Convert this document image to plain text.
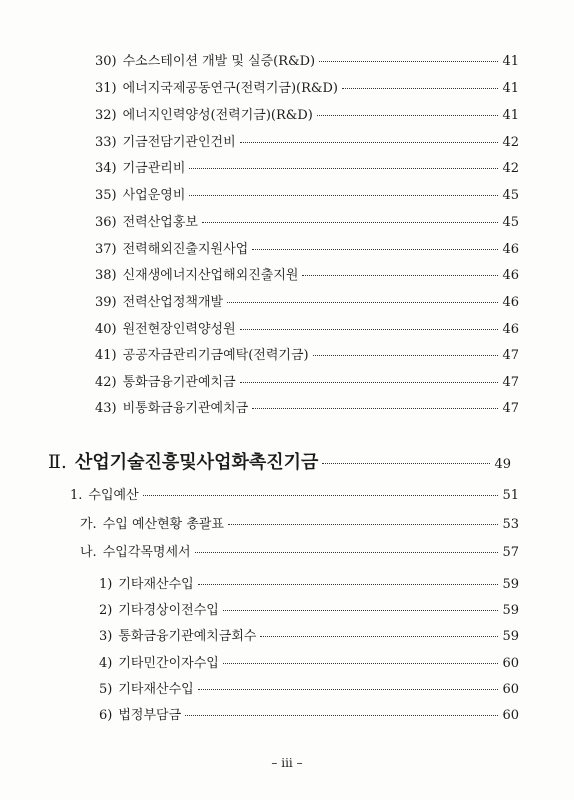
30) 수소스테이션 개발 및 실증(R&D)	41
31) 에너지국제공동연구(전력기금)(R&D)	41
32) 에너지인력양성(전력기금)(R&D)	41
33) 기금전담기관인건비	42
34) 기금관리비	42
35) 사업운영비	45
36) 전력산업홍보	45
37) 전력해외진출지원사업	46
38) 신재생에너지산업해외진출지원	46
39) 전력산업정책개발	46
40) 원전현장인력양성원	46
41) 공공자금관리기금예탁(전력기금)	47
42) 통화금융기관예치금	47
43) 비통화금융기관예치금	47
Ⅱ. 산업기술진흥및사업화촉진기금	49
1. 수입예산	51
가. 수입 예산현황 총괄표	53
나. 수입각목명세서	57
1) 기타재산수입	59
2) 기타경상이전수입	59
3) 통화금융기관예치금회수	59
4) 기타민간이자수입	60
5) 기타재산수입	60
6) 법정부담금	60
– iii –
